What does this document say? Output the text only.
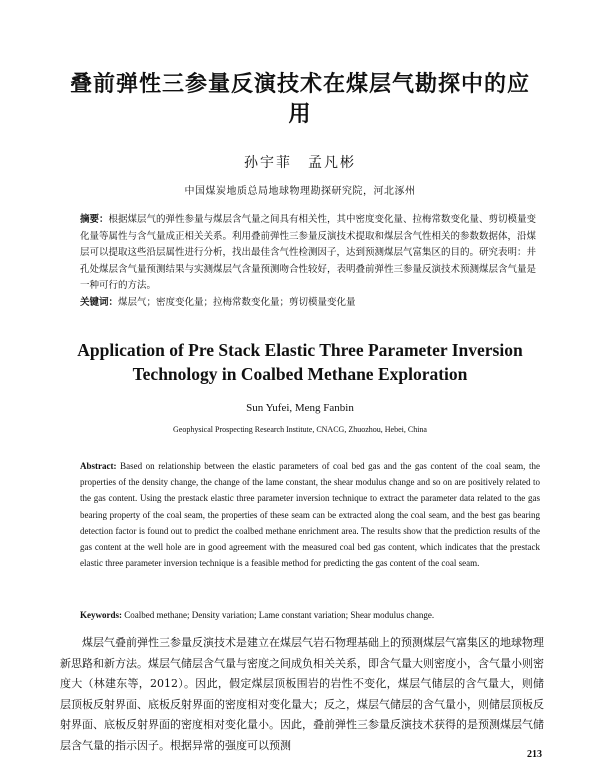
叠前弹性三参量反演技术在煤层气勘探中的应用
孙宇菲　孟凡彬
中国煤炭地质总局地球物理勘探研究院，河北涿州
摘要：根据煤层气的弹性参量与煤层含气量之间具有相关性，其中密度变化量、拉梅常数变化量、剪切模量变化量等属性与含气量成正相关关系。利用叠前弹性三参量反演技术提取和煤层含气性相关的参数数据体，沿煤层可以提取这些沿层属性进行分析，找出最佳含气性检测因子，达到预测煤层气富集区的目的。研究表明：井孔处煤层含气量预测结果与实测煤层气含量预测吻合性较好，表明叠前弹性三参量反演技术预测煤层含气量是一种可行的方法。
关键词：煤层气；密度变化量；拉梅常数变化量；剪切模量变化量
Application of Pre Stack Elastic Three Parameter Inversion Technology in Coalbed Methane Exploration
Sun Yufei, Meng Fanbin
Geophysical Prospecting Research Institute, CNACG, Zhuozhou, Hebei, China
Abstract: Based on relationship between the elastic parameters of coal bed gas and the gas content of the coal seam, the properties of the density change, the change of the lame constant, the shear modulus change and so on are positively related to the gas content. Using the prestack elastic three parameter inversion technique to extract the parameter data related to the gas bearing property of the coal seam, the properties of these seam can be extracted along the coal seam, and the best gas bearing detection factor is found out to predict the coalbed methane enrichment area. The results show that the prediction results of the gas content at the well hole are in good agreement with the measured coal bed gas content, which indicates that the prestack elastic three parameter inversion technique is a feasible method for predicting the gas content of the coal seam.
Keywords: Coalbed methane; Density variation; Lame constant variation; Shear modulus change.
煤层气叠前弹性三参量反演技术是建立在煤层气岩石物理基础上的预测煤层气富集区的地球物理新思路和新方法。煤层气储层含气量与密度之间成负相关关系，即含气量大则密度小，含气量小则密度大（林建东等，2012）。因此，假定煤层顶板围岩的岩性不变化，煤层气储层的含气量大，则储层顶板反射界面、底板反射界面的密度相对变化量大；反之，煤层气储层的含气量小，则储层顶板反射界面、底板反射界面的密度相对变化量小。因此，叠前弹性三参量反演技术获得的是预测煤层气储层含气量的指示因子。根据异常的强度可以预测
213
